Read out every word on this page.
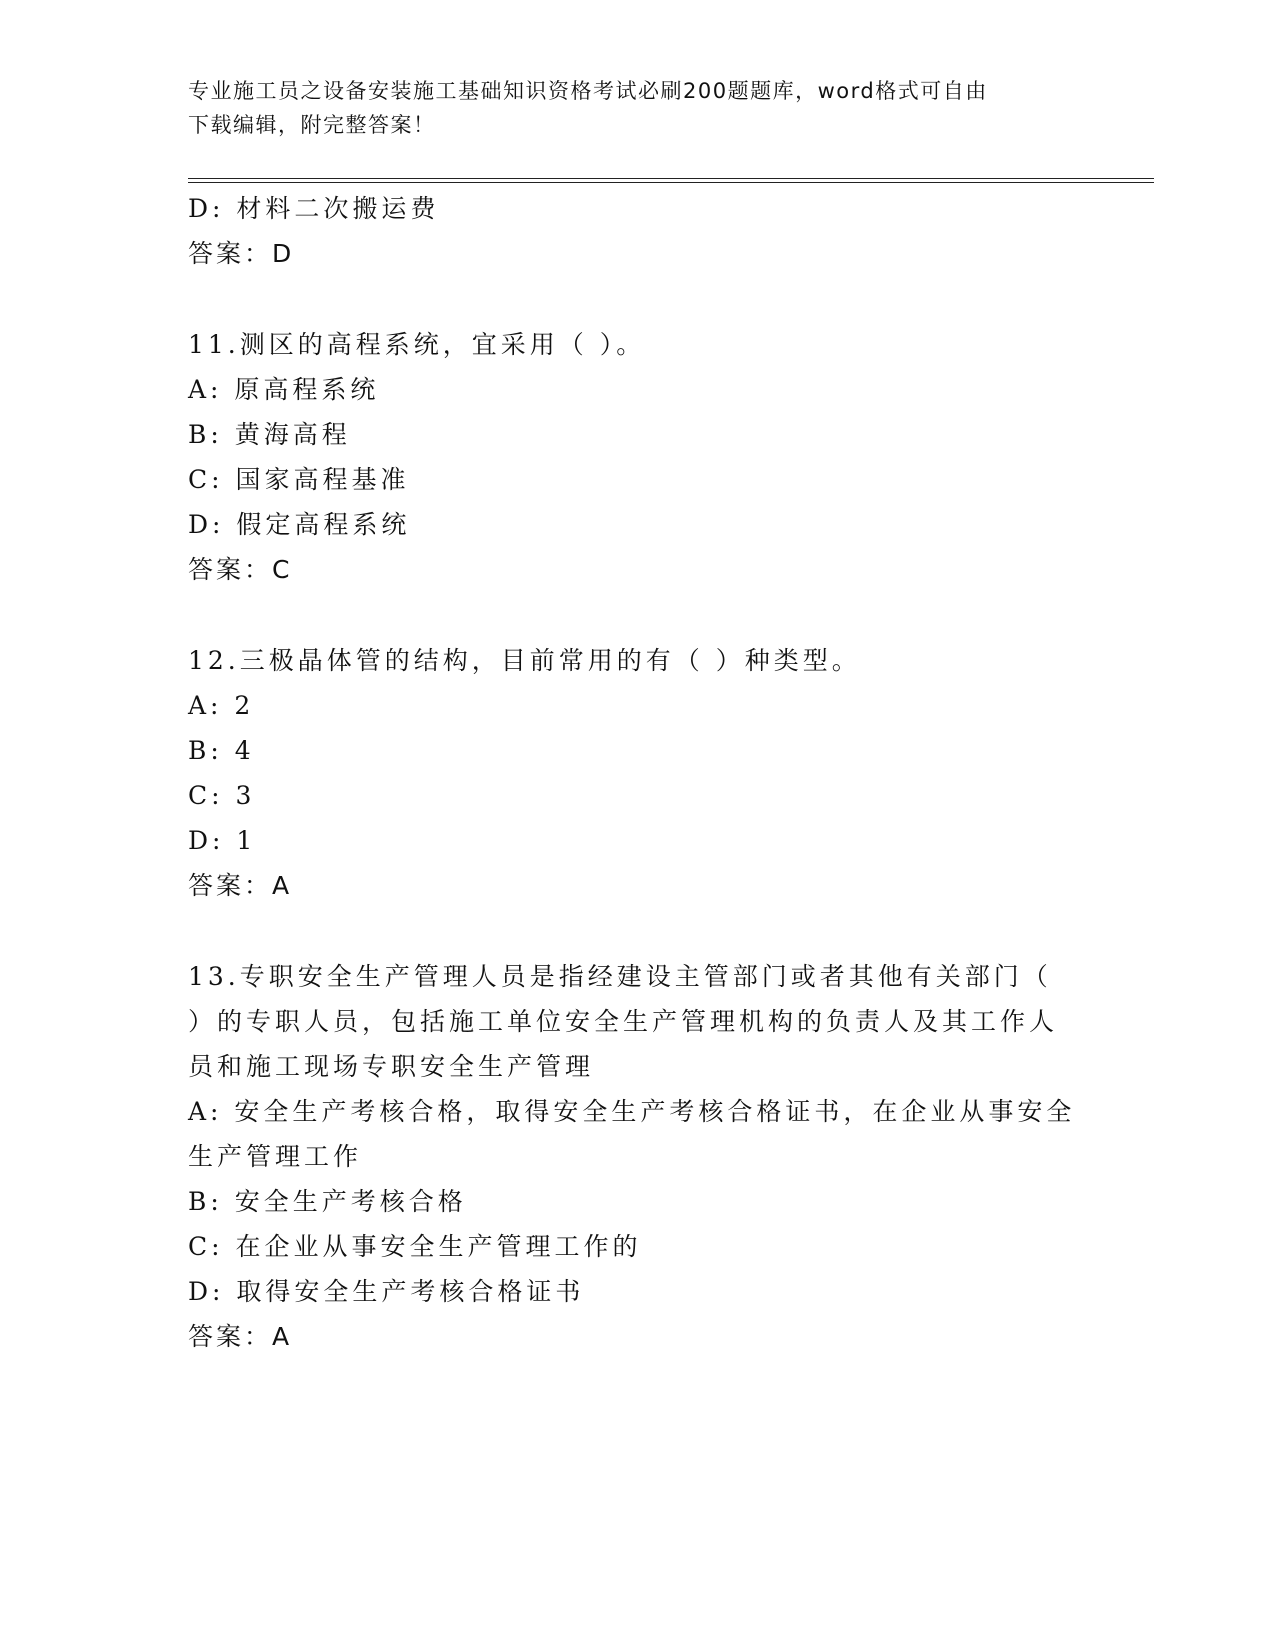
专业施工员之设备安装施工基础知识资格考试必刷200题题库，word格式可自由
下载编辑，附完整答案！
D: 材料二次搬运费
答案：D
11.测区的高程系统，宜采用（ ）。
A: 原高程系统
B: 黄海高程
C: 国家高程基准
D: 假定高程系统
答案：C
12.三极晶体管的结构，目前常用的有（ ）种类型。
A: 2
B: 4
C: 3
D: 1
答案：A
13.专职安全生产管理人员是指经建设主管部门或者其他有关部门（
）的专职人员，包括施工单位安全生产管理机构的负责人及其工作人
员和施工现场专职安全生产管理
A: 安全生产考核合格，取得安全生产考核合格证书，在企业从事安全
生产管理工作
B: 安全生产考核合格
C: 在企业从事安全生产管理工作的
D: 取得安全生产考核合格证书
答案：A
